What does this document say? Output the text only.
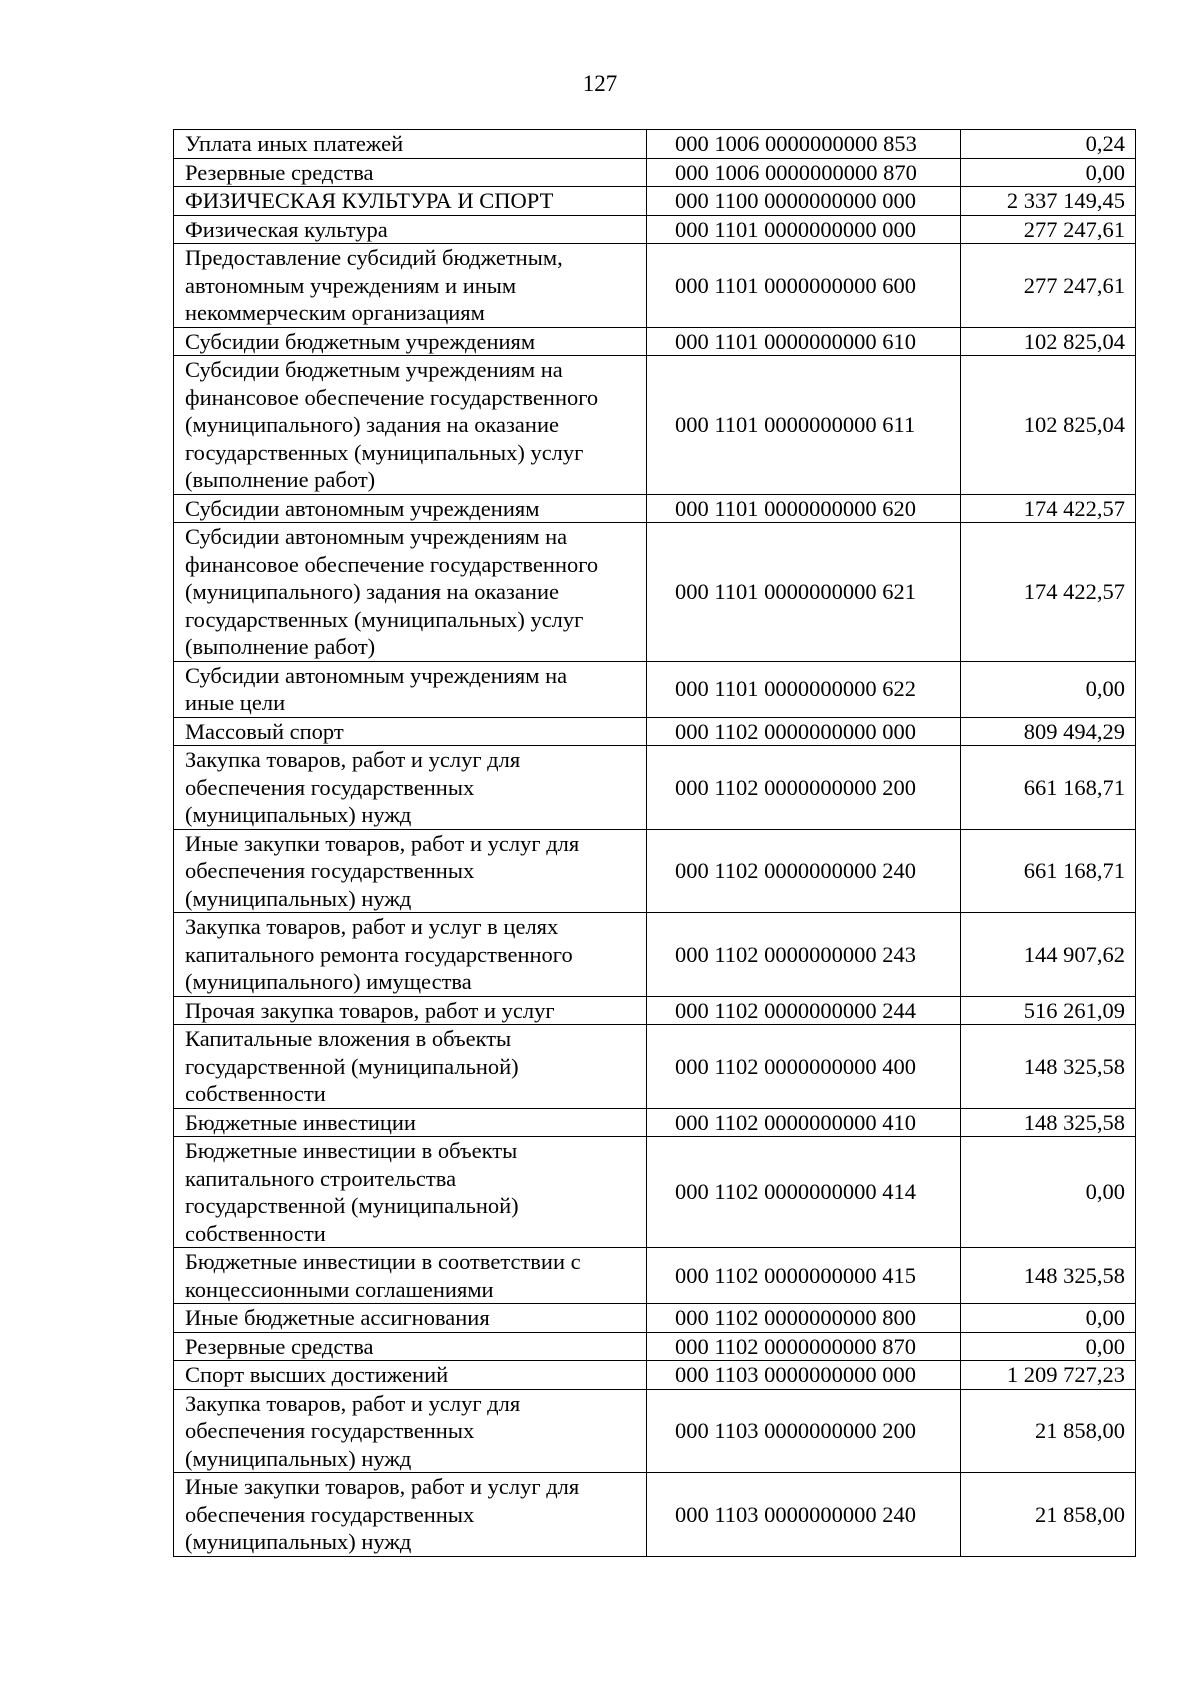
127
Уплата иных платежей	000 1006 0000000000 853	0,24
Резервные средства	000 1006 0000000000 870	0,00
ФИЗИЧЕСКАЯ КУЛЬТУРА И СПОРТ	000 1100 0000000000 000	2 337 149,45
Физическая культура	000 1101 0000000000 000	277 247,61
Предоставление субсидий бюджетным,
автономным учреждениям и иным
некоммерческим организациям	000 1101 0000000000 600	277 247,61
Субсидии бюджетным учреждениям	000 1101 0000000000 610	102 825,04
Субсидии бюджетным учреждениям на
финансовое обеспечение государственного
(муниципального) задания на оказание
государственных (муниципальных) услуг
(выполнение работ)	000 1101 0000000000 611	102 825,04
Субсидии автономным учреждениям	000 1101 0000000000 620	174 422,57
Субсидии автономным учреждениям на
финансовое обеспечение государственного
(муниципального) задания на оказание
государственных (муниципальных) услуг
(выполнение работ)	000 1101 0000000000 621	174 422,57
Субсидии автономным учреждениям на
иные цели	000 1101 0000000000 622	0,00
Массовый спорт	000 1102 0000000000 000	809 494,29
Закупка товаров, работ и услуг для
обеспечения государственных
(муниципальных) нужд	000 1102 0000000000 200	661 168,71
Иные закупки товаров, работ и услуг для
обеспечения государственных
(муниципальных) нужд	000 1102 0000000000 240	661 168,71
Закупка товаров, работ и услуг в целях
капитального ремонта государственного
(муниципального) имущества	000 1102 0000000000 243	144 907,62
Прочая закупка товаров, работ и услуг	000 1102 0000000000 244	516 261,09
Капитальные вложения в объекты
государственной (муниципальной)
собственности	000 1102 0000000000 400	148 325,58
Бюджетные инвестиции	000 1102 0000000000 410	148 325,58
Бюджетные инвестиции в объекты
капитального строительства
государственной (муниципальной)
собственности	000 1102 0000000000 414	0,00
Бюджетные инвестиции в соответствии с
концессионными соглашениями	000 1102 0000000000 415	148 325,58
Иные бюджетные ассигнования	000 1102 0000000000 800	0,00
Резервные средства	000 1102 0000000000 870	0,00
Спорт высших достижений	000 1103 0000000000 000	1 209 727,23
Закупка товаров, работ и услуг для
обеспечения государственных
(муниципальных) нужд	000 1103 0000000000 200	21 858,00
Иные закупки товаров, работ и услуг для
обеспечения государственных
(муниципальных) нужд	000 1103 0000000000 240	21 858,00
